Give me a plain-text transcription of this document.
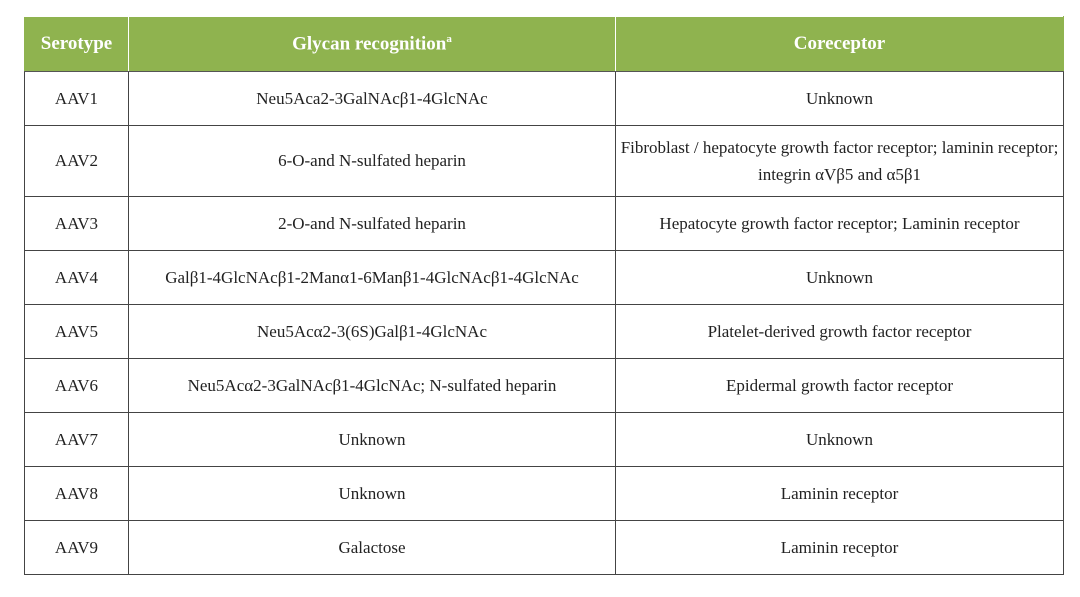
Serotype	Glycan recognition$^a$	Coreceptor
AAV1	Neu5Aca2-3GalNAcβ1-4GlcNAc	Unknown
AAV2	6-O-and N-sulfated heparin	Fibroblast / hepatocyte growth factor receptor; laminin receptor; integrin αVβ5 and α5β1
AAV3	2-O-and N-sulfated heparin	Hepatocyte growth factor receptor; Laminin receptor
AAV4	Galβ1-4GlcNAcβ1-2Manα1-6Manβ1-4GlcNAcβ1-4GlcNAc	Unknown
AAV5	Neu5Acα2-3(6S)Galβ1-4GlcNAc	Platelet-derived growth factor receptor
AAV6	Neu5Acα2-3GalNAcβ1-4GlcNAc; N-sulfated heparin	Epidermal growth factor receptor
AAV7	Unknown	Unknown
AAV8	Unknown	Laminin receptor
AAV9	Galactose	Laminin receptor
